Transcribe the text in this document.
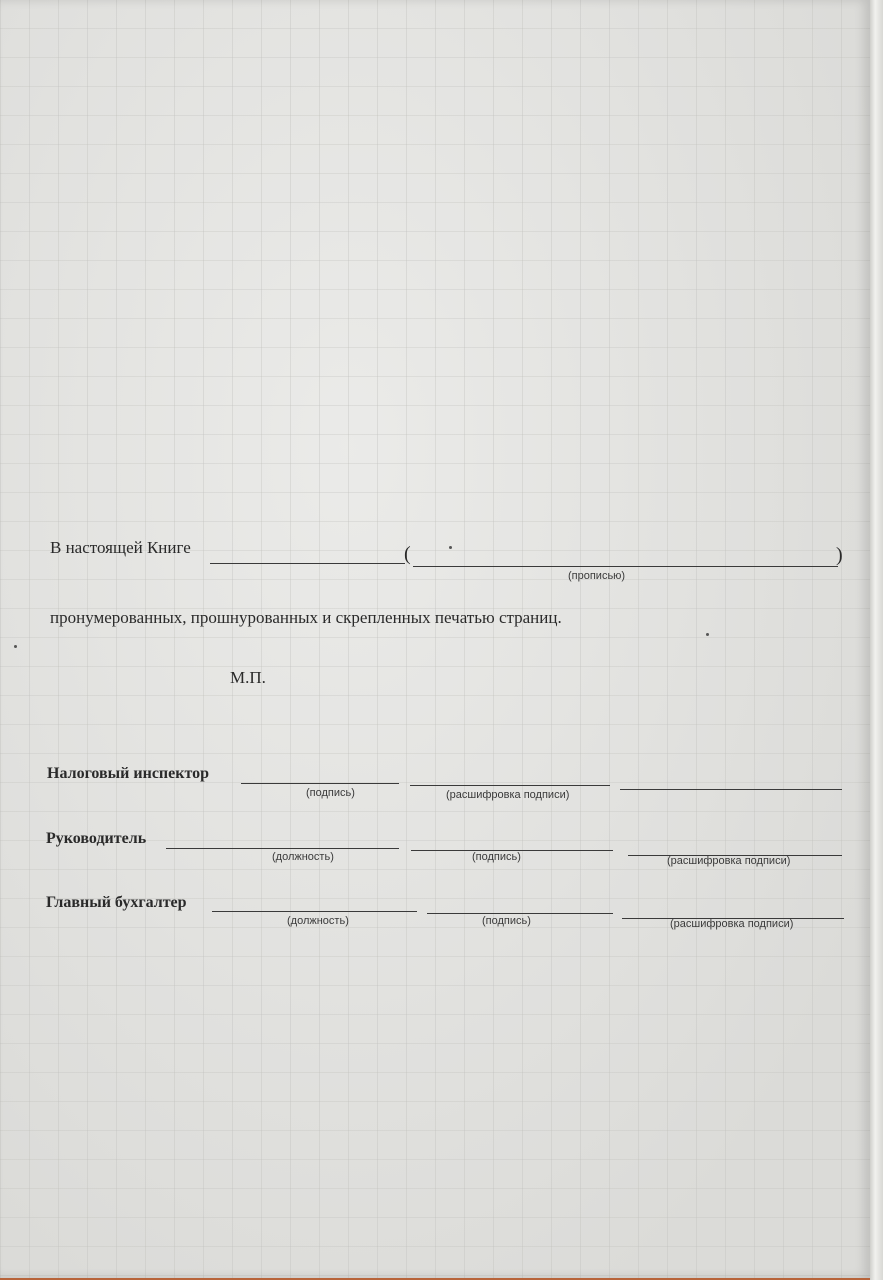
В настоящей Книге	(	)
(прописью)
пронумерованных, прошнурованных и скрепленных печатью страниц.
М.П.
Налоговый инспектор
(подпись)	(расшифровка подписи)
Руководитель
(должность)	(подпись)	(расшифровка подписи)
Главный бухгалтер
(должность)	(подпись)	(расшифровка подписи)
